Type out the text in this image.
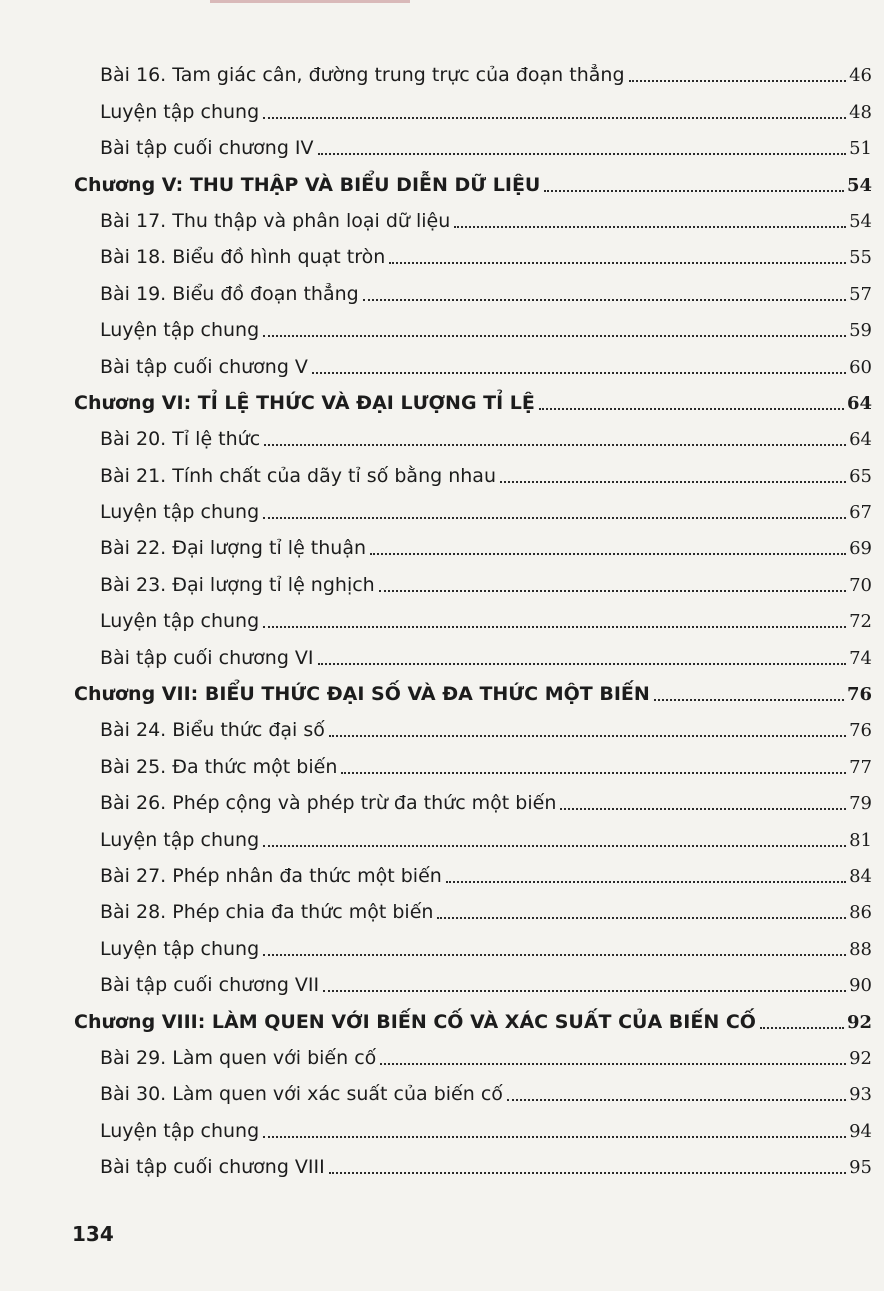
Bài 16. Tam giác cân, đường trung trực của đoạn thẳng	46
Luyện tập chung	48
Bài tập cuối chương IV	51
Chương V: THU THẬP VÀ BIỂU DIỄN DỮ LIỆU	54
Bài 17. Thu thập và phân loại dữ liệu	54
Bài 18. Biểu đồ hình quạt tròn	55
Bài 19. Biểu đồ đoạn thẳng	57
Luyện tập chung	59
Bài tập cuối chương V	60
Chương VI: TỈ LỆ THỨC VÀ ĐẠI LƯỢNG TỈ LỆ	64
Bài 20. Tỉ lệ thức	64
Bài 21. Tính chất của dãy tỉ số bằng nhau	65
Luyện tập chung	67
Bài 22. Đại lượng tỉ lệ thuận	69
Bài 23. Đại lượng tỉ lệ nghịch	70
Luyện tập chung	72
Bài tập cuối chương VI	74
Chương VII: BIỂU THỨC ĐẠI SỐ VÀ ĐA THỨC MỘT BIẾN	76
Bài 24. Biểu thức đại số	76
Bài 25. Đa thức một biến	77
Bài 26. Phép cộng và phép trừ đa thức một biến	79
Luyện tập chung	81
Bài 27. Phép nhân đa thức một biến	84
Bài 28. Phép chia đa thức một biến	86
Luyện tập chung	88
Bài tập cuối chương VII	90
Chương VIII: LÀM QUEN VỚI BIẾN CỐ VÀ XÁC SUẤT CỦA BIẾN CỐ	92
Bài 29. Làm quen với biến cố	92
Bài 30. Làm quen với xác suất của biến cố	93
Luyện tập chung	94
Bài tập cuối chương VIII	95
134
